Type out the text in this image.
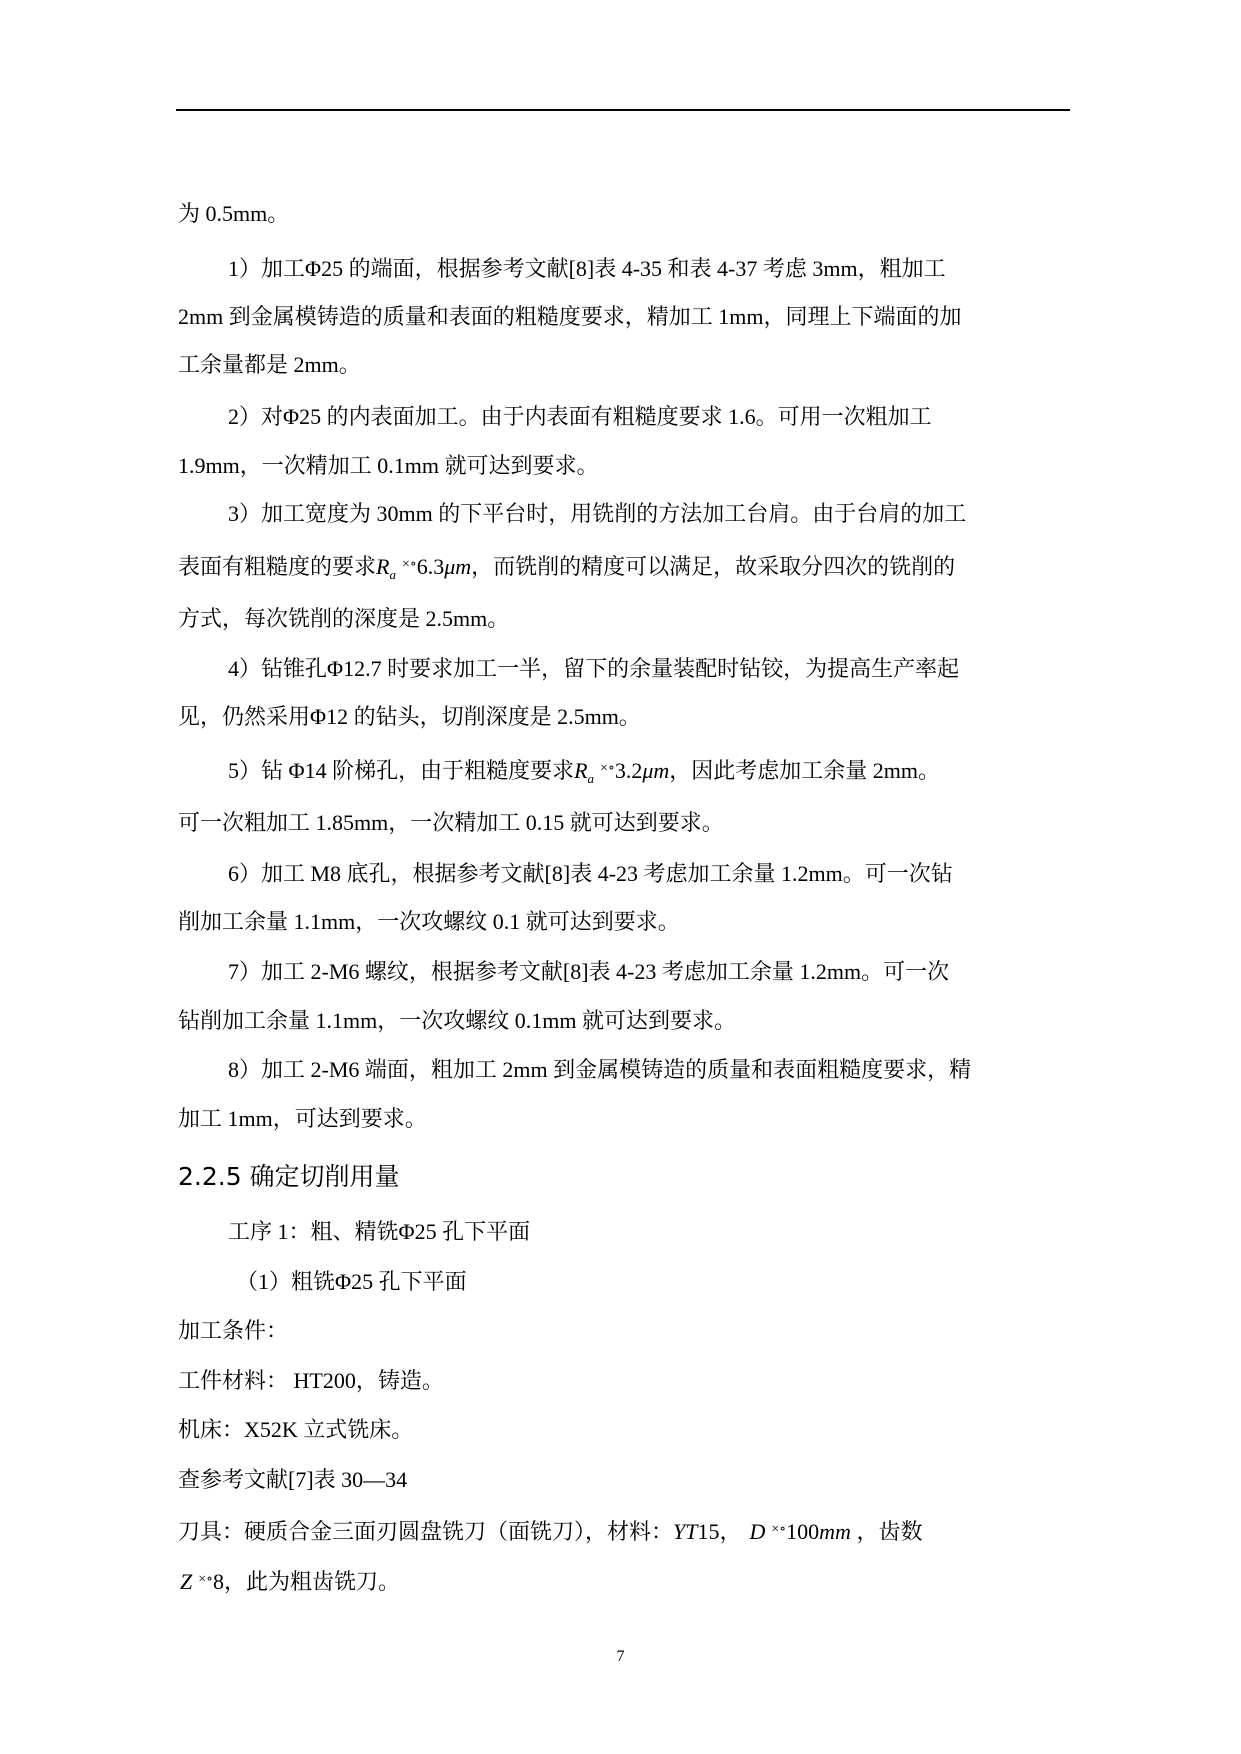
为 0.5mm。
1）加工Φ25 的端面，根据参考文献[8]表 4-35 和表 4-37 考虑 3mm，粗加工
2mm 到金属模铸造的质量和表面的粗糙度要求，精加工 1mm，同理上下端面的加
工余量都是 2mm。
2）对Φ25 的内表面加工。由于内表面有粗糙度要求 1.6。可用一次粗加工
1.9mm，一次精加工 0.1mm 就可达到要求。
3）加工宽度为 30mm 的下平台时，用铣削的方法加工台肩。由于台肩的加工
表面有粗糙度的要求$R_a^{\times\circ}6.3\mu m$，而铣削的精度可以满足，故采取分四次的铣削的
方式，每次铣削的深度是 2.5mm。
4）钻锥孔Φ12.7 时要求加工一半，留下的余量装配时钻铰，为提高生产率起
见，仍然采用Φ12 的钻头，切削深度是 2.5mm。
5）钻 Φ14 阶梯孔，由于粗糙度要求$R_a^{\times\circ}3.2\mu m$，因此考虑加工余量 2mm。
可一次粗加工 1.85mm，一次精加工 0.15 就可达到要求。
6）加工 M8 底孔，根据参考文献[8]表 4-23 考虑加工余量 1.2mm。可一次钻
削加工余量 1.1mm，一次攻螺纹 0.1 就可达到要求。
7）加工 2-M6 螺纹，根据参考文献[8]表 4-23 考虑加工余量 1.2mm。可一次
钻削加工余量 1.1mm，一次攻螺纹 0.1mm 就可达到要求。
8）加工 2-M6 端面，粗加工 2mm 到金属模铸造的质量和表面粗糙度要求，精
加工 1mm，可达到要求。
2.2.5 确定切削用量
工序 1：粗、精铣Φ25 孔下平面
（1）粗铣Φ25 孔下平面
加工条件：
工件材料： HT200，铸造。
机床：X52K 立式铣床。
查参考文献[7]表 30—34
刀具：硬质合金三面刃圆盘铣刀（面铣刀），材料：YT15， D ×∘100mm ，齿数
Z ×∘8，此为粗齿铣刀。
7
